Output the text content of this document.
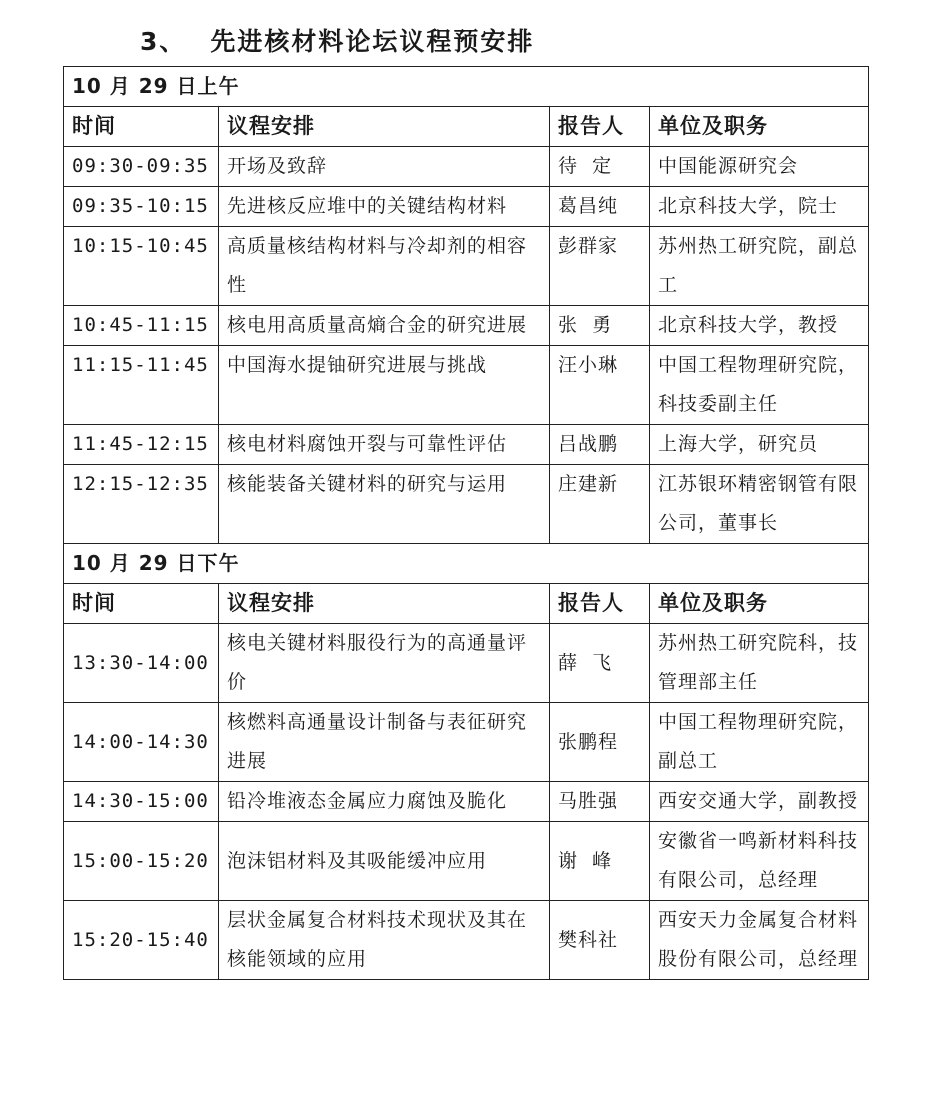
3、 先进核材料论坛议程预安排
10 月 29 日上午			
时间	议程安排	报告人	单位及职务
09:30-09:35	开场及致辞	待  定	中国能源研究会
09:35-10:15	先进核反应堆中的关键结构材料	葛昌纯	北京科技大学，院士
10:15-10:45	高质量核结构材料与冷却剂的相容性	彭群家	苏州热工研究院，副总工
10:45-11:15	核电用高质量高熵合金的研究进展	张  勇	北京科技大学，教授
11:15-11:45	中国海水提铀研究进展与挑战	汪小琳	中国工程物理研究院，科技委副主任
11:45-12:15	核电材料腐蚀开裂与可靠性评估	吕战鹏	上海大学，研究员
12:15-12:35	核能装备关键材料的研究与运用	庄建新	江苏银环精密钢管有限公司，董事长
10 月 29 日下午			
时间	议程安排	报告人	单位及职务
13:30-14:00	核电关键材料服役行为的高通量评价	薛  飞	苏州热工研究院科，技管理部主任
14:00-14:30	核燃料高通量设计制备与表征研究进展	张鹏程	中国工程物理研究院，副总工
14:30-15:00	铅冷堆液态金属应力腐蚀及脆化	马胜强	西安交通大学，副教授
15:00-15:20	泡沫铝材料及其吸能缓冲应用	谢  峰	安徽省一鸣新材料科技有限公司，总经理
15:20-15:40	层状金属复合材料技术现状及其在核能领域的应用	樊科社	西安天力金属复合材料股份有限公司，总经理
